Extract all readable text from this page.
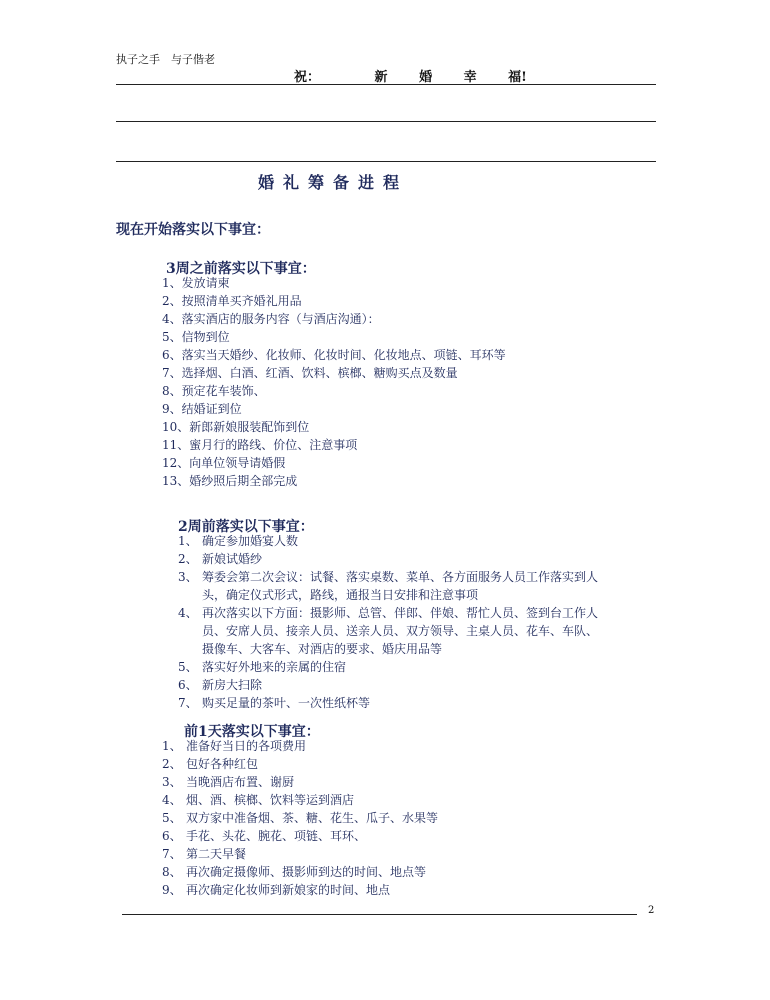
执子之手　与子偕老
祝：	新 婚 幸 福!
婚礼筹备进程
现在开始落实以下事宜：
3周之前落实以下事宜：
1、发放请柬
2、按照清单买齐婚礼用品
4、落实酒店的服务内容（与酒店沟通）：
5、信物到位
6、落实当天婚纱、化妆师、化妆时间、化妆地点、项链、耳环等
7、选择烟、白酒、红酒、饮料、槟榔、糖购买点及数量
8、预定花车装饰、
9、结婚证到位
10、新郎新娘服装配饰到位
11、蜜月行的路线、价位、注意事项
12、向单位领导请婚假
13、婚纱照后期全部完成
2周前落实以下事宜：
1、 确定参加婚宴人数
2、 新娘试婚纱
3、 筹委会第二次会议：试餐、落实桌数、菜单、各方面服务人员工作落实到人
头，确定仪式形式，路线，通报当日安排和注意事项
4、 再次落实以下方面：摄影师、总管、伴郎、伴娘、帮忙人员、签到台工作人
员、安席人员、接亲人员、送亲人员、双方领导、主桌人员、花车、车队、
摄像车、大客车、对酒店的要求、婚庆用品等
5、 落实好外地来的亲属的住宿
6、 新房大扫除
7、 购买足量的茶叶、一次性纸杯等
前1天落实以下事宜：
1、 准备好当日的各项费用
2、 包好各种红包
3、 当晚酒店布置、谢厨
4、 烟、酒、槟榔、饮料等运到酒店
5、 双方家中准备烟、茶、糖、花生、瓜子、水果等
6、 手花、头花、腕花、项链、耳环、
7、 第二天早餐
8、 再次确定摄像师、摄影师到达的时间、地点等
9、 再次确定化妆师到新娘家的时间、地点
2
